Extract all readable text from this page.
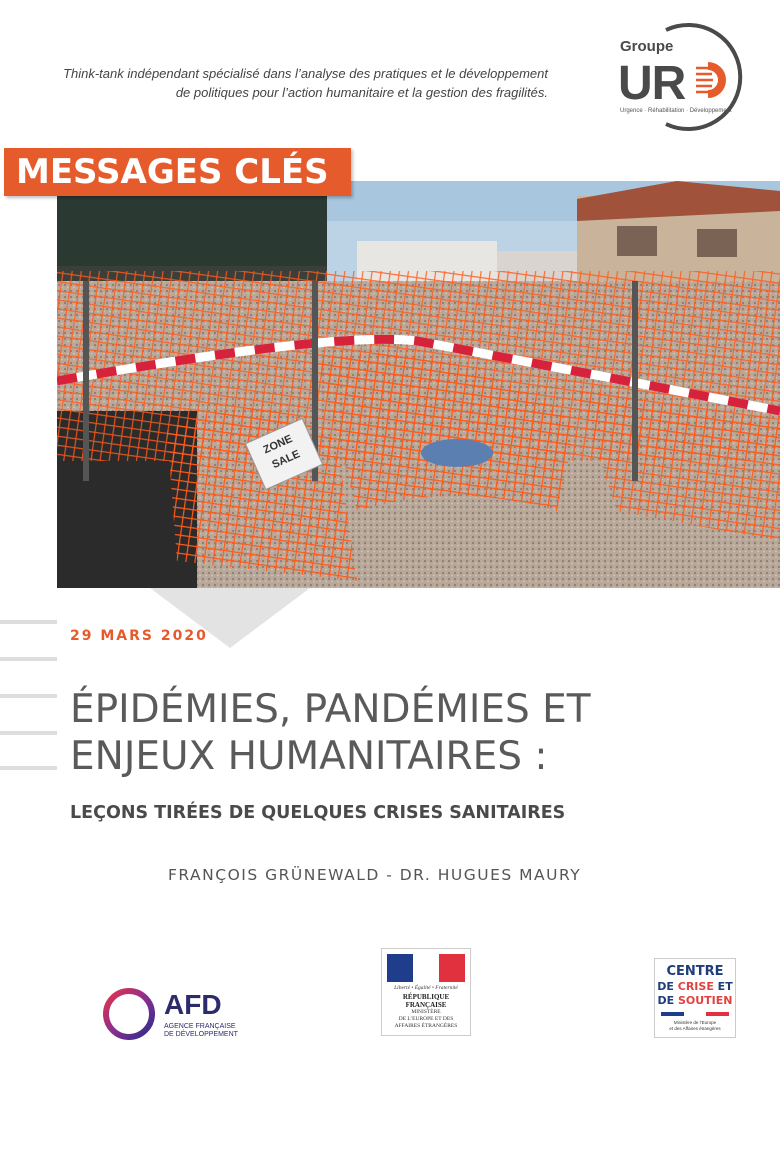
Think-tank indépendant spécialisé dans l’analyse des pratiques et le développement
de politiques pour l’action humanitaire et la gestion des fragilités.
Groupe
UR
Urgence · Réhabilitation · Développement
ZONE
SALE
MESSAGES CLÉS
29 MARS 2020
ÉPIDÉMIES, PANDÉMIES ET
ENJEUX HUMANITAIRES :
LEÇONS TIRÉES DE QUELQUES CRISES SANITAIRES
FRANÇOIS GRÜNEWALD - DR. HUGUES MAURY
AFD
AGENCE FRANÇAISE
DE DÉVELOPPEMENT
Liberté • Égalité • Fraternité
RÉPUBLIQUE FRANÇAISE
MINISTÈRE
DE L’EUROPE ET DES
AFFAIRES ÉTRANGÈRES
CENTRE
DE CRISE ET
DE SOUTIEN
Ministère de l’Europe
et des Affaires étrangères
